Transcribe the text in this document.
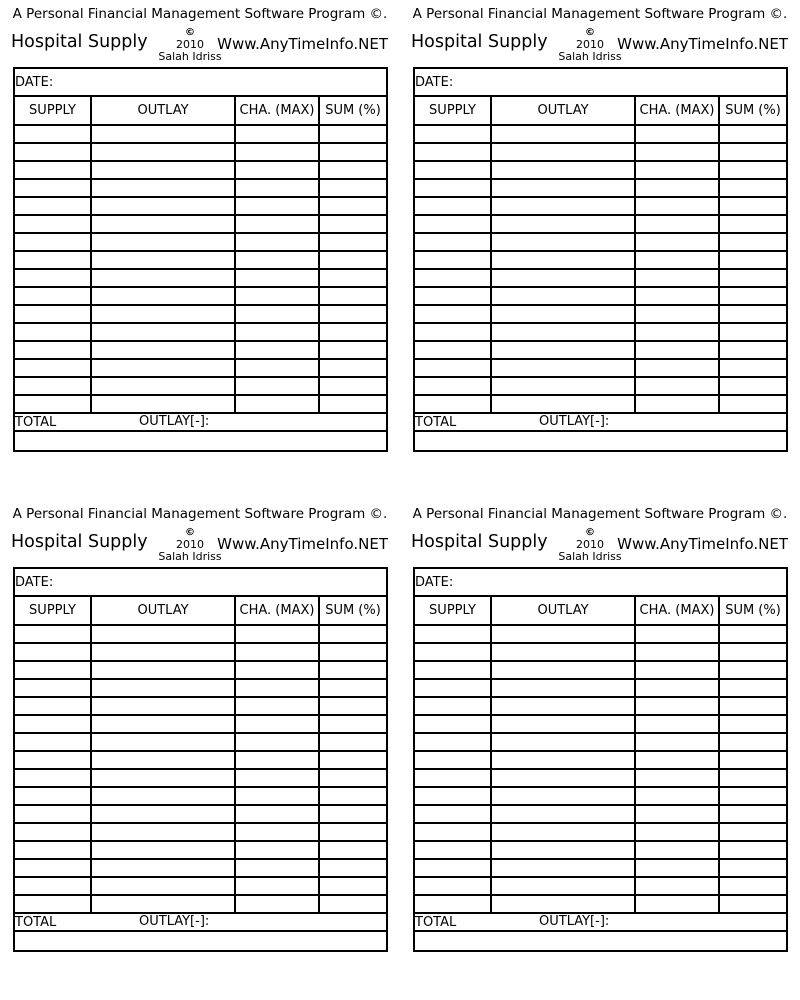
A Personal Financial Management Software Program ©.
Hospital Supply	©
2010
Salah Idriss
Www.AnyTimeInfo.NET
DATE:			
SUPPLY	OUTLAY	CHA. (MAX)	SUM (%)

TOTAL OUTLAY[-]:			

A Personal Financial Management Software Program ©.
Hospital Supply	©
2010
Salah Idriss
Www.AnyTimeInfo.NET
DATE:			
SUPPLY	OUTLAY	CHA. (MAX)	SUM (%)

TOTAL OUTLAY[-]:			

A Personal Financial Management Software Program ©.
Hospital Supply	©
2010
Salah Idriss
Www.AnyTimeInfo.NET
DATE:			
SUPPLY	OUTLAY	CHA. (MAX)	SUM (%)

TOTAL OUTLAY[-]:			

A Personal Financial Management Software Program ©.
Hospital Supply	©
2010
Salah Idriss
Www.AnyTimeInfo.NET
DATE:			
SUPPLY	OUTLAY	CHA. (MAX)	SUM (%)

TOTAL OUTLAY[-]:			
